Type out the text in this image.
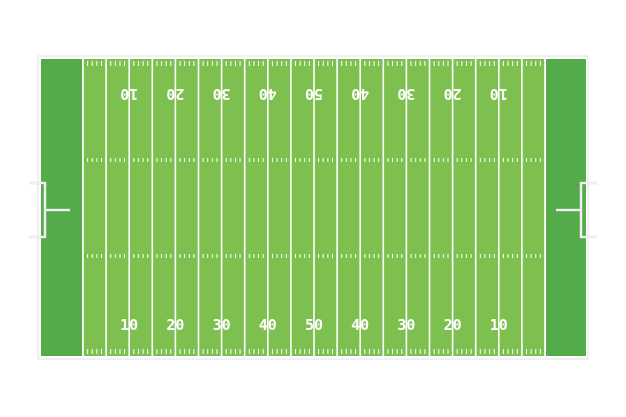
10 20 30 40 50 40 30 20 10
10 20 30 40 50 40 30 20 10
